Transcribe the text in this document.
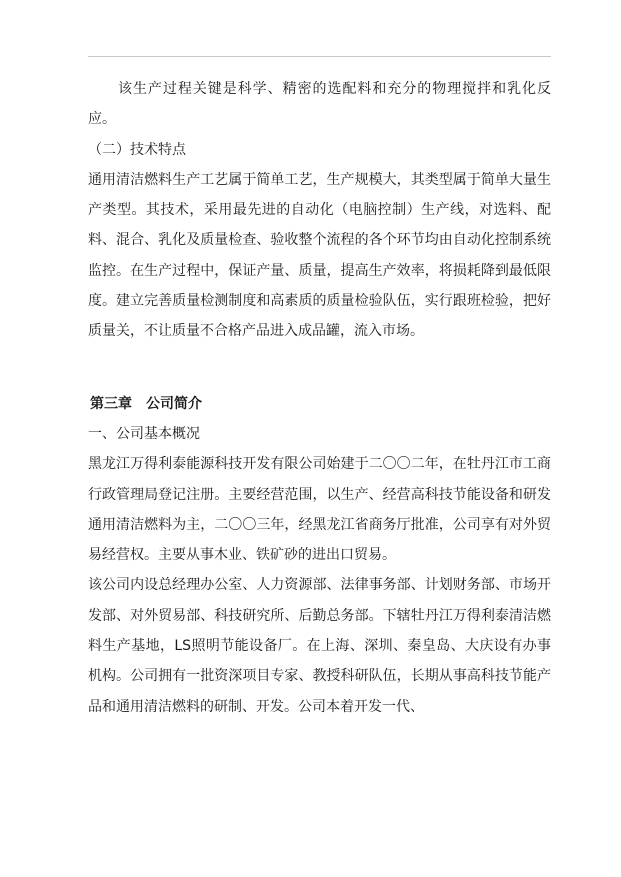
该生产过程关键是科学、精密的选配料和充分的物理搅拌和乳化反应。

（二）技术特点

通用清洁燃料生产工艺属于简单工艺，生产规模大，其类型属于简单大量生产类型。其技术，采用最先进的自动化（电脑控制）生产线，对选料、配料、混合、乳化及质量检查、验收整个流程的各个环节均由自动化控制系统监控。在生产过程中，保证产量、质量，提高生产效率，将损耗降到最低限度。建立完善质量检测制度和高素质的质量检验队伍，实行跟班检验，把好质量关，不让质量不合格产品进入成品罐，流入市场。

第三章　公司简介

一、公司基本概况

黑龙江万得利泰能源科技开发有限公司始建于二〇〇二年，在牡丹江市工商行政管理局登记注册。主要经营范围，以生产、经营高科技节能设备和研发通用清洁燃料为主，二〇〇三年，经黑龙江省商务厅批准，公司享有对外贸易经营权。主要从事木业、铁矿砂的进出口贸易。

该公司内设总经理办公室、人力资源部、法律事务部、计划财务部、市场开发部、对外贸易部、科技研究所、后勤总务部。下辖牡丹江万得利泰清洁燃料生产基地，LS照明节能设备厂。在上海、深圳、秦皇岛、大庆设有办事机构。公司拥有一批资深项目专家、教授科研队伍，长期从事高科技节能产品和通用清洁燃料的研制、开发。公司本着开发一代、
